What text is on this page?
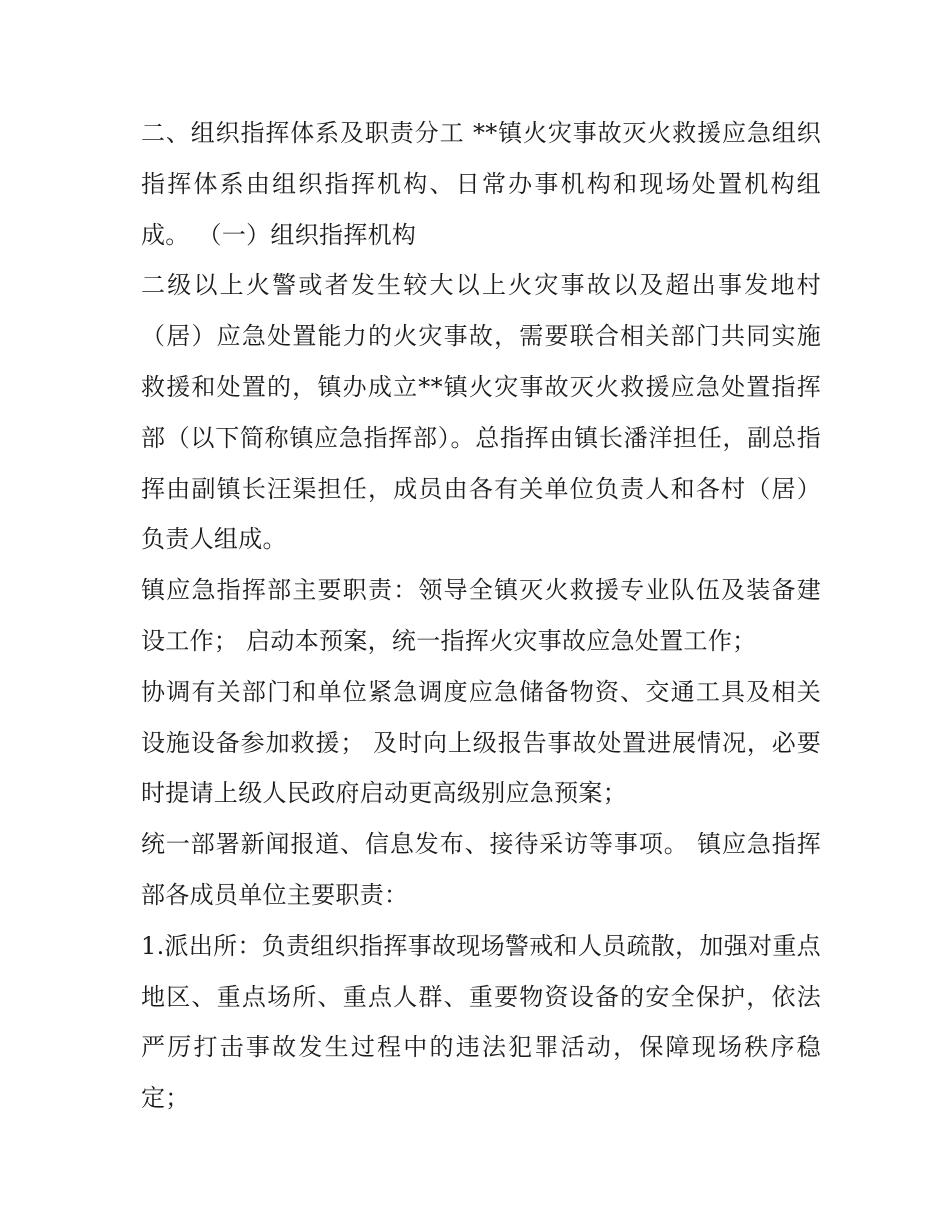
二、组织指挥体系及职责分工 **镇火灾事故灭火救援应急组织指挥体系由组织指挥机构、日常办事机构和现场处置机构组成。 （一）组织指挥机构

二级以上火警或者发生较大以上火灾事故以及超出事发地村（居）应急处置能力的火灾事故，需要联合相关部门共同实施救援和处置的，镇办成立**镇火灾事故灭火救援应急处置指挥部（以下简称镇应急指挥部）。总指挥由镇长潘洋担任，副总指挥由副镇长汪渠担任，成员由各有关单位负责人和各村（居）负责人组成。

镇应急指挥部主要职责：领导全镇灭火救援专业队伍及装备建设工作； 启动本预案，统一指挥火灾事故应急处置工作；

协调有关部门和单位紧急调度应急储备物资、交通工具及相关设施设备参加救援； 及时向上级报告事故处置进展情况，必要时提请上级人民政府启动更高级别应急预案；

统一部署新闻报道、信息发布、接待采访等事项。 镇应急指挥部各成员单位主要职责：

1.派出所：负责组织指挥事故现场警戒和人员疏散，加强对重点地区、重点场所、重点人群、重要物资设备的安全保护，依法严厉打击事故发生过程中的违法犯罪活动，保障现场秩序稳定；
